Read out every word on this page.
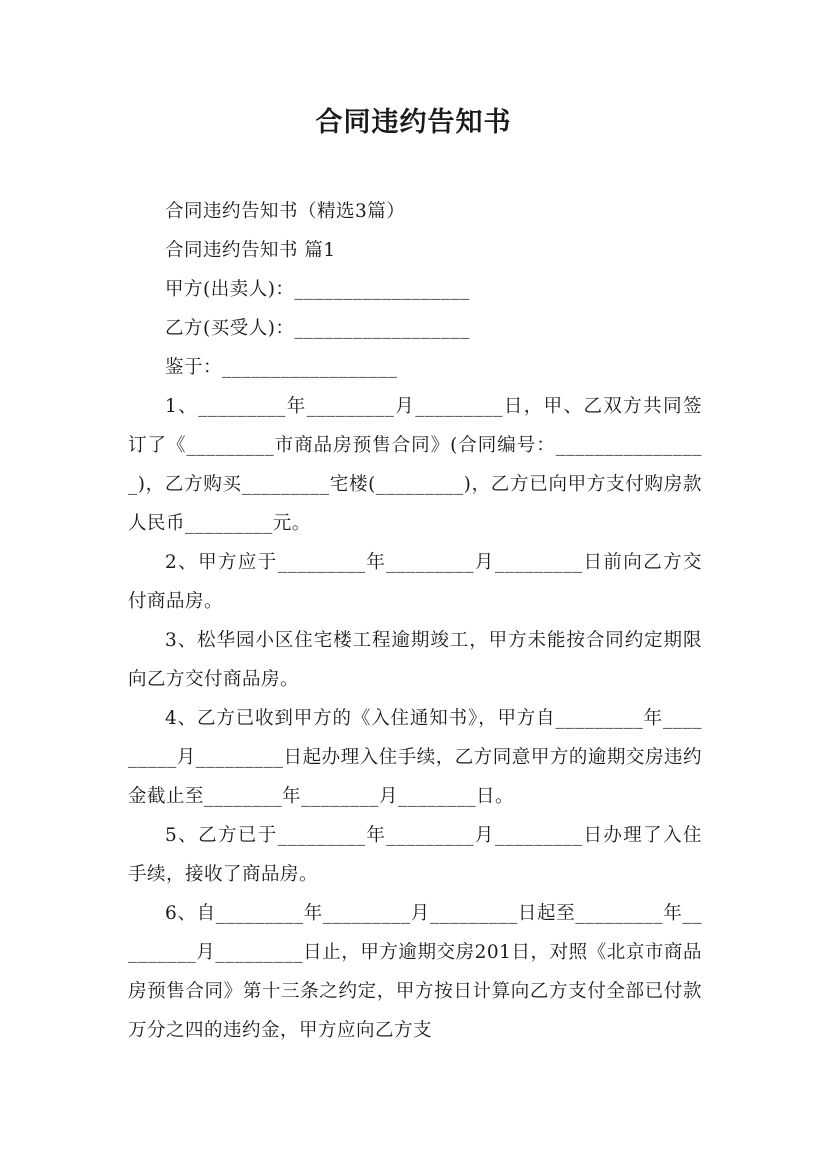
合同违约告知书

合同违约告知书（精选3篇）

合同违约告知书 篇1

甲方(出卖人)：__________________

乙方(买受人)：__________________

鉴于：__________________

1、_________年_________月_________日，甲、乙双方共同签订了《_________市商品房预售合同》(合同编号：________________)，乙方购买_________宅楼(_________)，乙方已向甲方支付购房款人民币_________元。

2、甲方应于_________年_________月_________日前向乙方交付商品房。

3、松华园小区住宅楼工程逾期竣工，甲方未能按合同约定期限向乙方交付商品房。

4、乙方已收到甲方的《入住通知书》，甲方自_________年_________月_________日起办理入住手续，乙方同意甲方的逾期交房违约金截止至________年________月________日。

5、乙方已于_________年_________月_________日办理了入住手续，接收了商品房。

6、自_________年_________月_________日起至_________年_________月_________日止，甲方逾期交房201日，对照《北京市商品房预售合同》第十三条之约定，甲方按日计算向乙方支付全部已付款万分之四的违约金，甲方应向乙方支
